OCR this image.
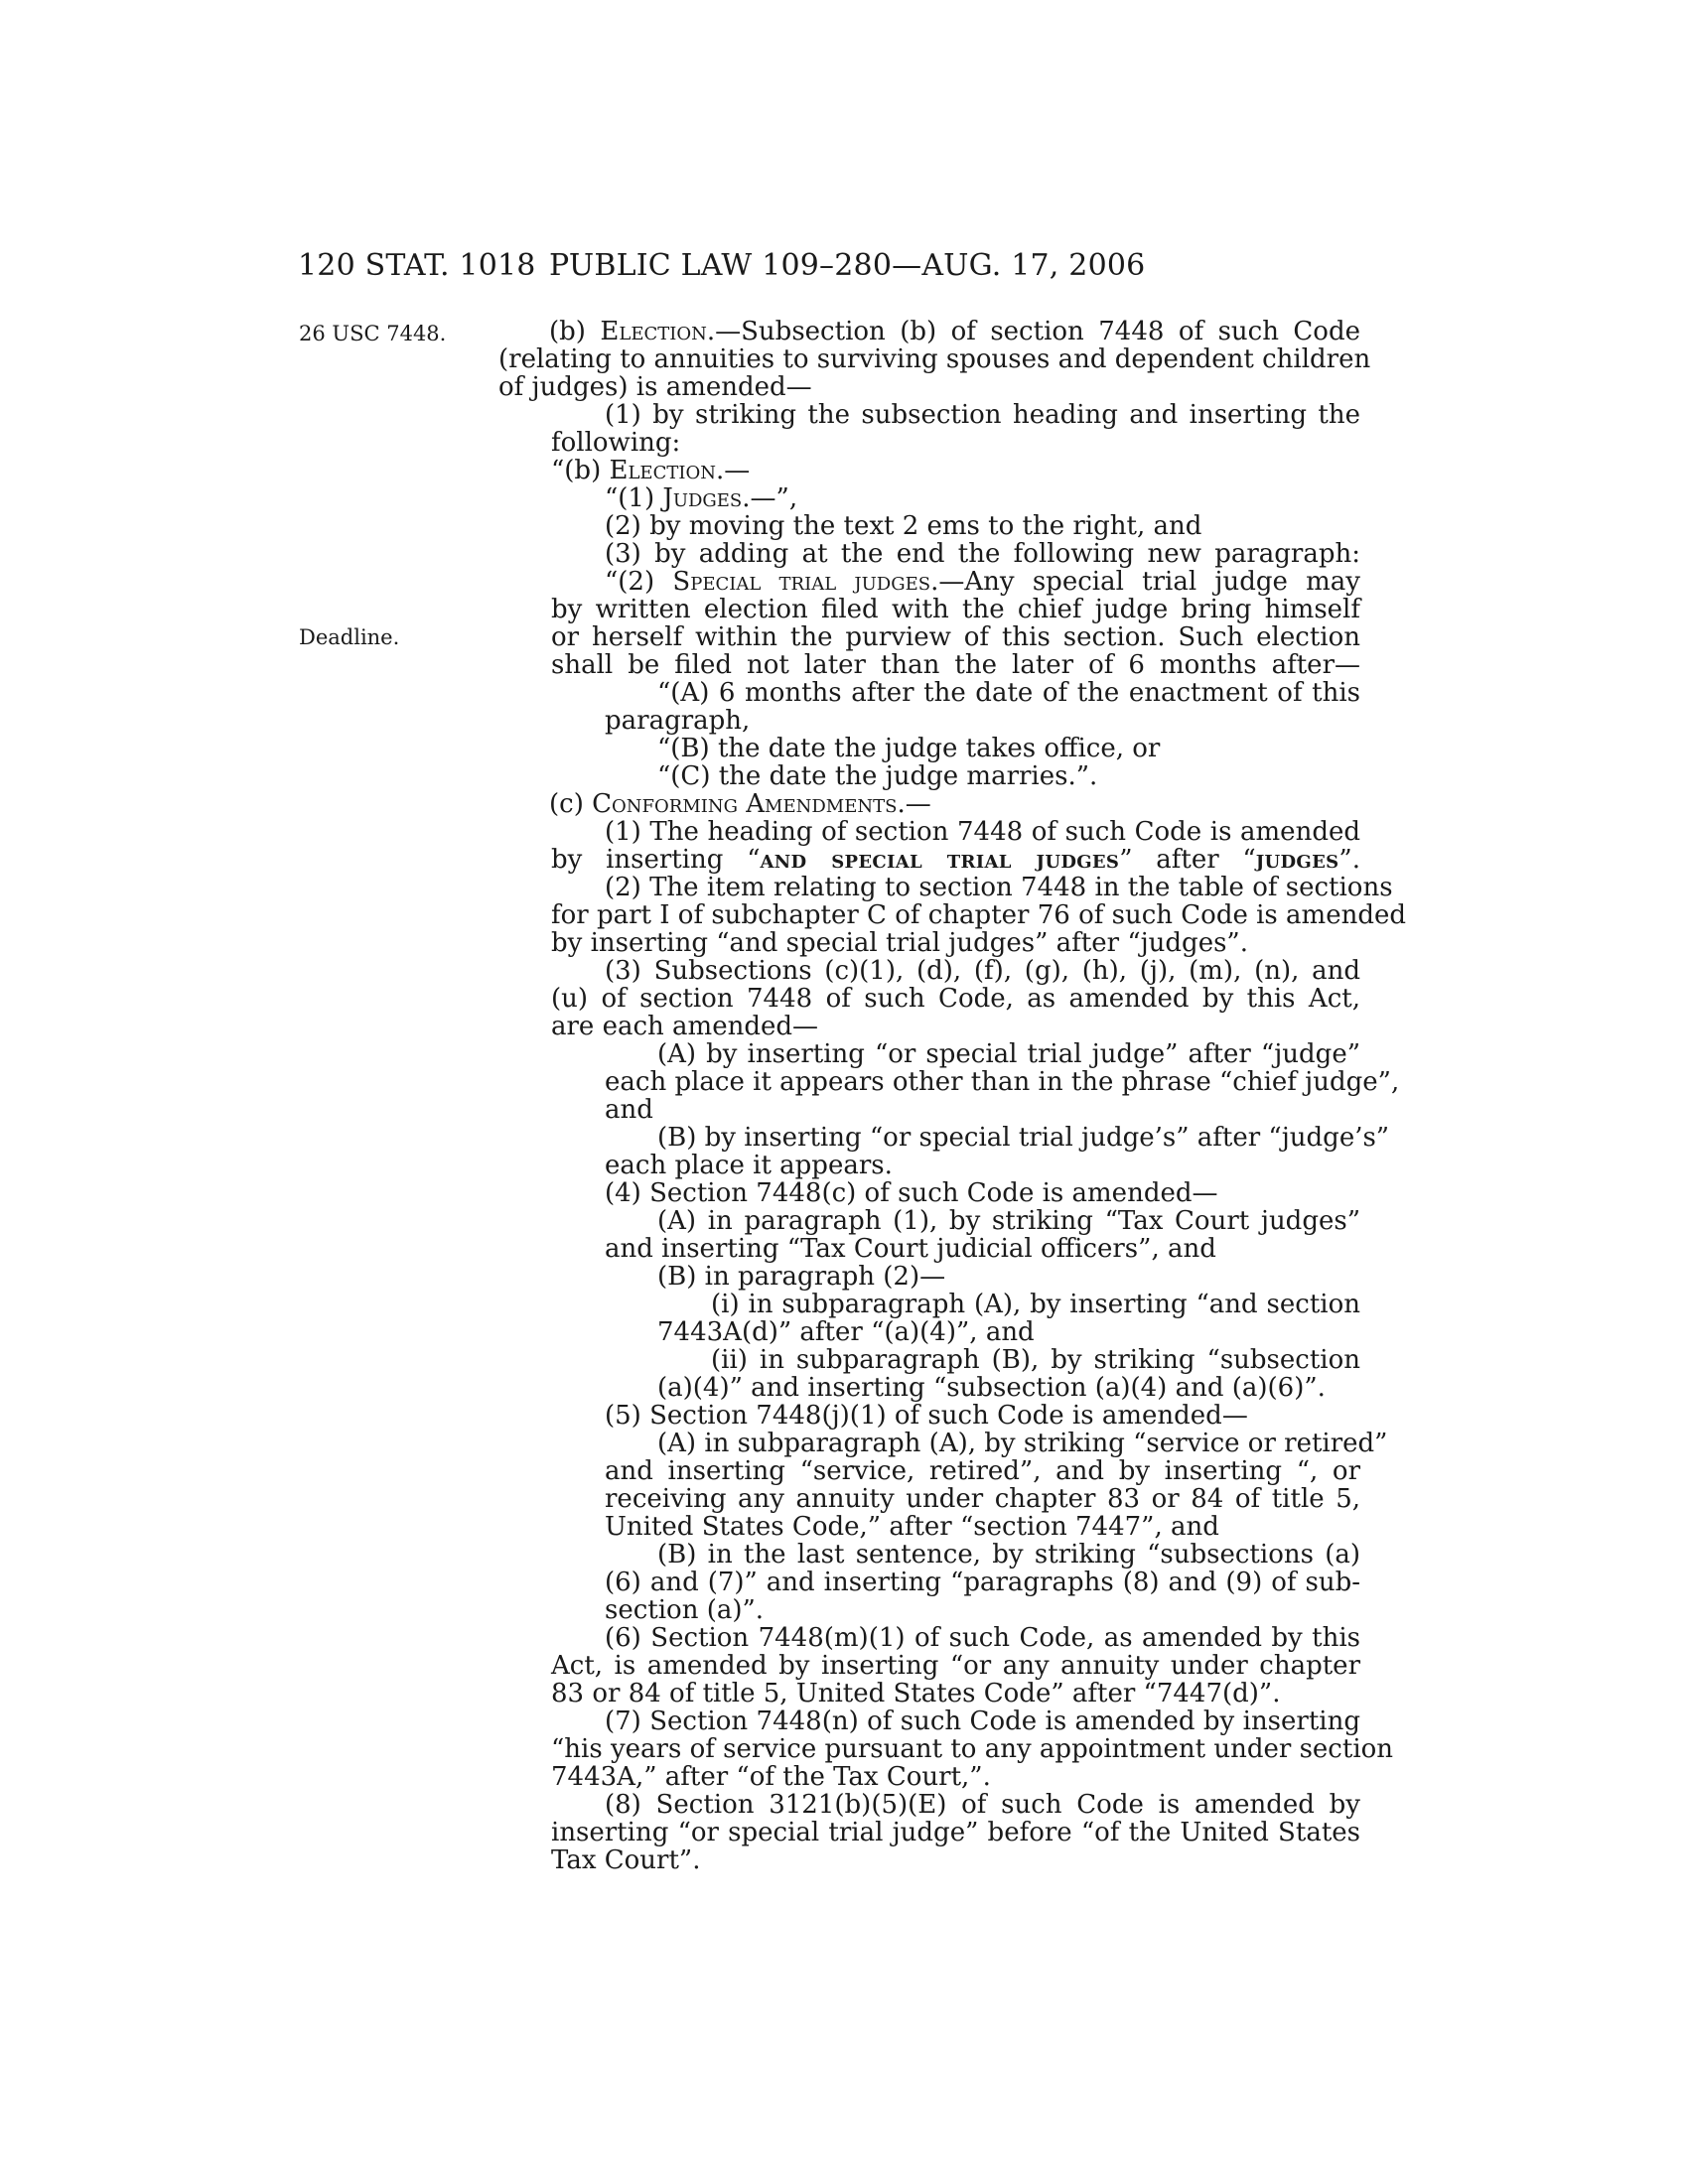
120 STAT. 1018 PUBLIC LAW 109–280—AUG. 17, 2006
26 USC 7448.
Deadline.
(b) Election.—Subsection (b) of section 7448 of such Code
(relating to annuities to surviving spouses and dependent children
of judges) is amended—
(1) by striking the subsection heading and inserting the
following:
“(b) Election.—
“(1) Judges.—”,
(2) by moving the text 2 ems to the right, and
(3) by adding at the end the following new paragraph:
“(2) Special trial judges.—Any special trial judge may
by written election filed with the chief judge bring himself
or herself within the purview of this section. Such election
shall be filed not later than the later of 6 months after—
“(A) 6 months after the date of the enactment of this
paragraph,
“(B) the date the judge takes office, or
“(C) the date the judge marries.”.
(c) Conforming Amendments.—
(1) The heading of section 7448 of such Code is amended
by inserting “and special trial judges” after “judges”.
(2) The item relating to section 7448 in the table of sections
for part I of subchapter C of chapter 76 of such Code is amended
by inserting “and special trial judges” after “judges”.
(3) Subsections (c)(1), (d), (f), (g), (h), (j), (m), (n), and
(u) of section 7448 of such Code, as amended by this Act,
are each amended—
(A) by inserting “or special trial judge” after “judge”
each place it appears other than in the phrase “chief judge”,
and
(B) by inserting “or special trial judge’s” after “judge’s”
each place it appears.
(4) Section 7448(c) of such Code is amended—
(A) in paragraph (1), by striking “Tax Court judges”
and inserting “Tax Court judicial officers”, and
(B) in paragraph (2)—
(i) in subparagraph (A), by inserting “and section
7443A(d)” after “(a)(4)”, and
(ii) in subparagraph (B), by striking “subsection
(a)(4)” and inserting “subsection (a)(4) and (a)(6)”.
(5) Section 7448(j)(1) of such Code is amended—
(A) in subparagraph (A), by striking “service or retired”
and inserting “service, retired”, and by inserting “, or
receiving any annuity under chapter 83 or 84 of title 5,
United States Code,” after “section 7447”, and
(B) in the last sentence, by striking “subsections (a)
(6) and (7)” and inserting “paragraphs (8) and (9) of sub-
section (a)”.
(6) Section 7448(m)(1) of such Code, as amended by this
Act, is amended by inserting “or any annuity under chapter
83 or 84 of title 5, United States Code” after “7447(d)”.
(7) Section 7448(n) of such Code is amended by inserting
“his years of service pursuant to any appointment under section
7443A,” after “of the Tax Court,”.
(8) Section 3121(b)(5)(E) of such Code is amended by
inserting “or special trial judge” before “of the United States
Tax Court”.
